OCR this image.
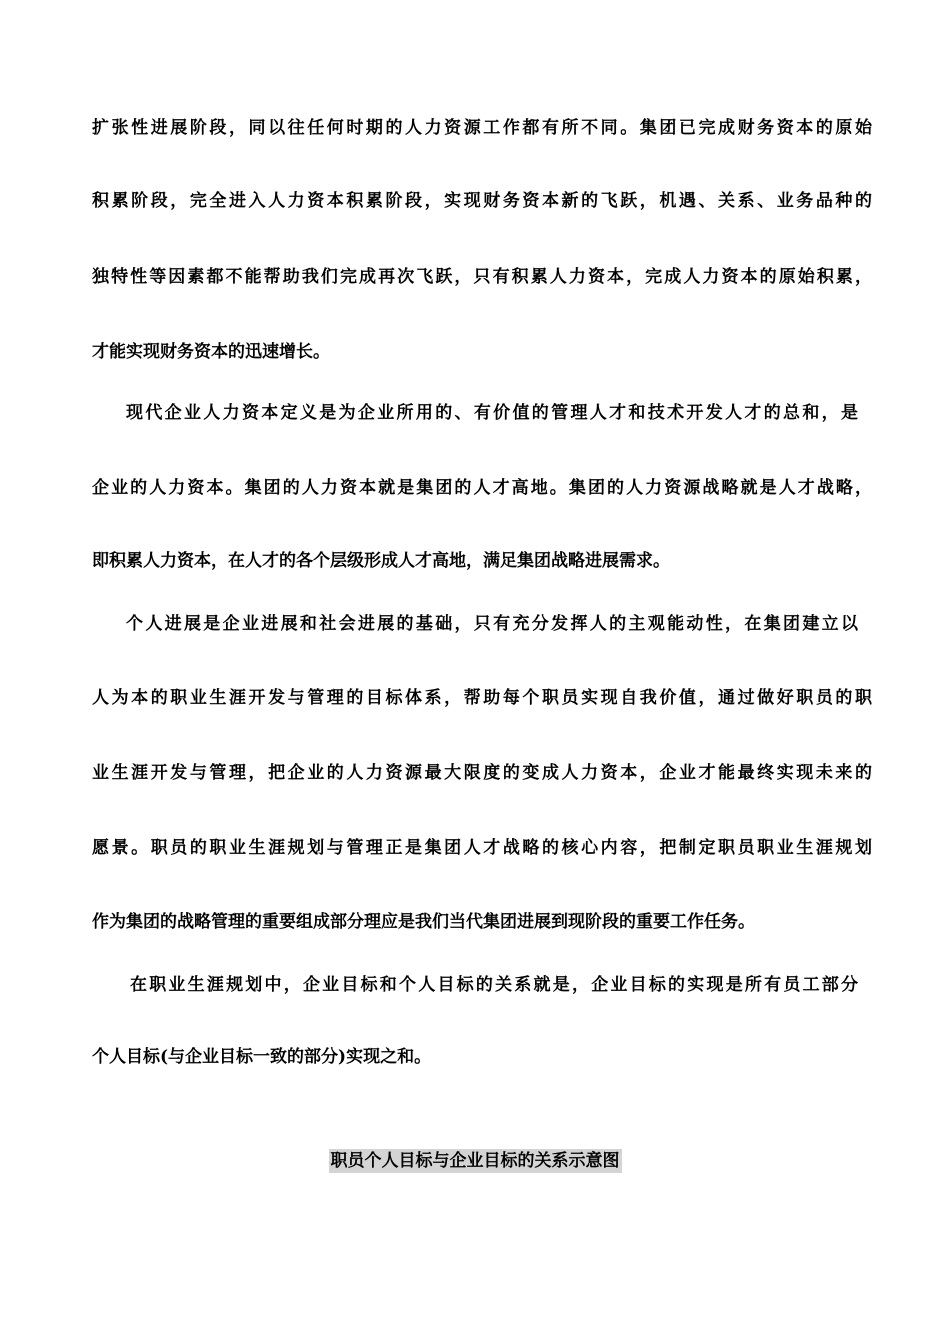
扩张性进展阶段，同以往任何时期的人力资源工作都有所不同。集团已完成财务资本的原始
积累阶段，完全进入人力资本积累阶段，实现财务资本新的飞跃，机遇、关系、业务品种的
独特性等因素都不能帮助我们完成再次飞跃，只有积累人力资本，完成人力资本的原始积累，
才能实现财务资本的迅速增长。
现代企业人力资本定义是为企业所用的、有价值的管理人才和技术开发人才的总和，是
企业的人力资本。集团的人力资本就是集团的人才高地。集团的人力资源战略就是人才战略，
即积累人力资本，在人才的各个层级形成人才高地，满足集团战略进展需求。
个人进展是企业进展和社会进展的基础，只有充分发挥人的主观能动性，在集团建立以
人为本的职业生涯开发与管理的目标体系，帮助每个职员实现自我价值，通过做好职员的职
业生涯开发与管理，把企业的人力资源最大限度的变成人力资本，企业才能最终实现未来的
愿景。职员的职业生涯规划与管理正是集团人才战略的核心内容，把制定职员职业生涯规划
作为集团的战略管理的重要组成部分理应是我们当代集团进展到现阶段的重要工作任务。
在职业生涯规划中，企业目标和个人目标的关系就是，企业目标的实现是所有员工部分
个人目标(与企业目标一致的部分)实现之和。
职员个人目标与企业目标的关系示意图
